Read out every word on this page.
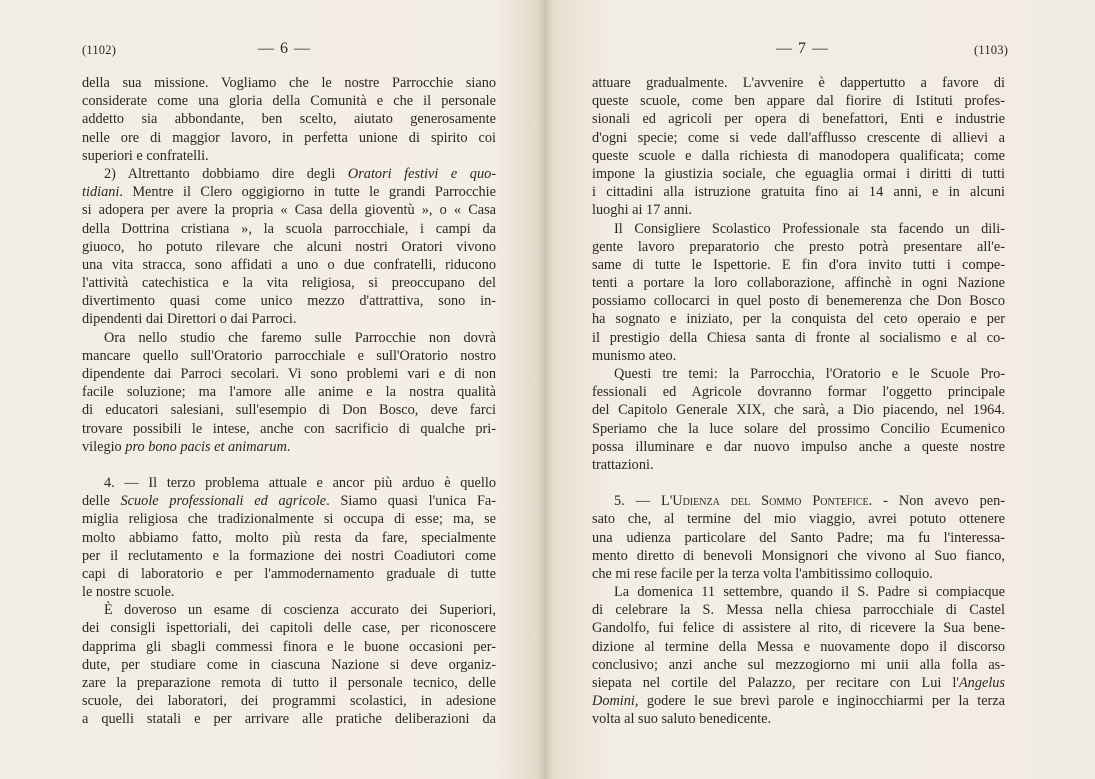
(1102)	— 6 —
della sua missione. Vogliamo che le nostre Parrocchie siano
considerate come una gloria della Comunità e che il personale
addetto sia abbondante, ben scelto, aiutato generosamente
nelle ore di maggior lavoro, in perfetta unione di spirito coi
superiori e confratelli.
2) Altrettanto dobbiamo dire degli Oratori festivi e quo-
tidiani. Mentre il Clero oggigiorno in tutte le grandi Parrocchie
si adopera per avere la propria « Casa della gioventù », o « Casa
della Dottrina cristiana », la scuola parrocchiale, i campi da
giuoco, ho potuto rilevare che alcuni nostri Oratori vivono
una vita stracca, sono affidati a uno o due confratelli, riducono
l'attività catechistica e la vita religiosa, si preoccupano del
divertimento quasi come unico mezzo d'attrattiva, sono in-
dipendenti dai Direttori o dai Parroci.
Ora nello studio che faremo sulle Parrocchie non dovrà
mancare quello sull'Oratorio parrocchiale e sull'Oratorio nostro
dipendente dai Parroci secolari. Vi sono problemi vari e di non
facile soluzione; ma l'amore alle anime e la nostra qualità
di educatori salesiani, sull'esempio di Don Bosco, deve farci
trovare possibili le intese, anche con sacrificio di qualche pri-
vilegio pro bono pacis et animarum.
4. — Il terzo problema attuale e ancor più arduo è quello
delle Scuole professionali ed agricole. Siamo quasi l'unica Fa-
miglia religiosa che tradizionalmente si occupa di esse; ma, se
molto abbiamo fatto, molto più resta da fare, specialmente
per il reclutamento e la formazione dei nostri Coadiutori come
capi di laboratorio e per l'ammodernamento graduale di tutte
le nostre scuole.
È doveroso un esame di coscienza accurato dei Superiori,
dei consigli ispettoriali, dei capitoli delle case, per riconoscere
dapprima gli sbagli commessi finora e le buone occasioni per-
dute, per studiare come in ciascuna Nazione si deve organiz-
zare la preparazione remota di tutto il personale tecnico, delle
scuole, dei laboratori, dei programmi scolastici, in adesione
a quelli statali e per arrivare alle pratiche deliberazioni da
— 7 —	(1103)
attuare gradualmente. L'avvenire è dappertutto a favore di
queste scuole, come ben appare dal fiorire di Istituti profes-
sionali ed agricoli per opera di benefattori, Enti e industrie
d'ogni specie; come si vede dall'afflusso crescente di allievi a
queste scuole e dalla richiesta di manodopera qualificata; come
impone la giustizia sociale, che eguaglia ormai i diritti di tutti
i cittadini alla istruzione gratuita fino ai 14 anni, e in alcuni
luoghi ai 17 anni.
Il Consigliere Scolastico Professionale sta facendo un dili-
gente lavoro preparatorio che presto potrà presentare all'e-
same di tutte le Ispettorie. E fin d'ora invito tutti i compe-
tenti a portare la loro collaborazione, affinchè in ogni Nazione
possiamo collocarci in quel posto di benemerenza che Don Bosco
ha sognato e iniziato, per la conquista del ceto operaio e per
il prestigio della Chiesa santa di fronte al socialismo e al co-
munismo ateo.
Questi tre temi: la Parrocchia, l'Oratorio e le Scuole Pro-
fessionali ed Agricole dovranno formar l'oggetto principale
del Capitolo Generale XIX, che sarà, a Dio piacendo, nel 1964.
Speriamo che la luce solare del prossimo Concilio Ecumenico
possa illuminare e dar nuovo impulso anche a queste nostre
trattazioni.
5. — L'Udienza del Sommo Pontefice. - Non avevo pen-
sato che, al termine del mio viaggio, avrei potuto ottenere
una udienza particolare del Santo Padre; ma fu l'interessa-
mento diretto di benevoli Monsignori che vivono al Suo fianco,
che mi rese facile per la terza volta l'ambitissimo colloquio.
La domenica 11 settembre, quando il S. Padre si compiacque
di celebrare la S. Messa nella chiesa parrocchiale di Castel
Gandolfo, fui felice di assistere al rito, di ricevere la Sua bene-
dizione al termine della Messa e nuovamente dopo il discorso
conclusivo; anzi anche sul mezzogiorno mi unii alla folla as-
siepata nel cortile del Palazzo, per recitare con Lui l'Angelus
Domini, godere le sue brevi parole e inginocchiarmi per la terza
volta al suo saluto benedicente.
